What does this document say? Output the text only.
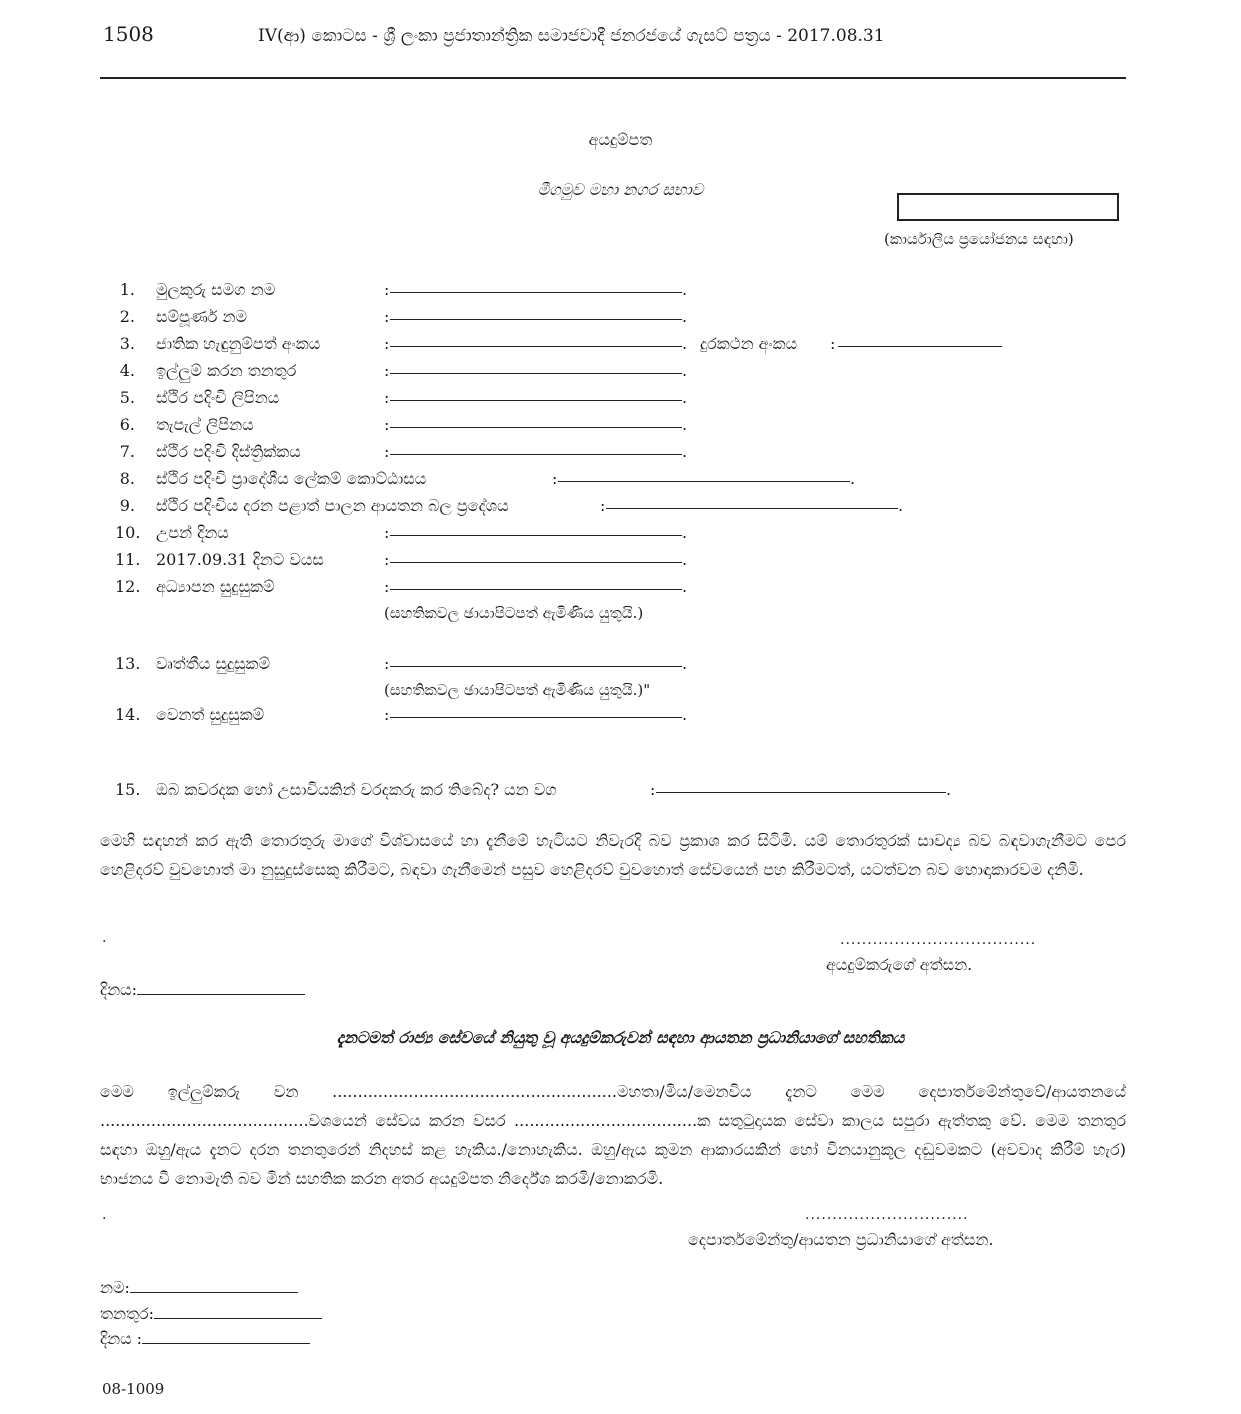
1508	IV(ආ) කොටස - ශ්‍රී ලංකා ප්‍රජාතාන්ත්‍රික සමාජවාදී ජනරජයේ ගැසට් පත්‍රය - 2017.08.31
අයදුම්පත
මීගමුව මහා නගර සභාව
(කාර්යාලීය ප්‍රයෝජනය සඳහා)
1. මුලකුරු සමග නම	:	.
2. සම්පූර්ණ නම	:	.
3. ජාතික හැඳුනුම්පත් අංකය	:	. දුරකථන අංකය :
4. ඉල්ලුම් කරන තනතුර	:	.
5. ස්ථිර පදිංචි ලිපිනය	:	.
6. තැපැල් ලිපිනය	:	.
7. ස්ථිර පදිංචි දිස්ත්‍රික්කය	:	.
8. ස්ථිර පදිංචි ප්‍රාදේශීය ලේකම් කොට්ඨාසය	:	.
9. ස්ථිර පදිංචිය දරන පළාත් පාලන ආයතන බල ප්‍රදේශය	:	.
10. උපන් දිනය	:	.
11. 2017.09.31 දිනට වයස	:	.
12. අධ්‍යාපන සුදුසුකම්	:	.
(සහතිකවල ඡායාපිටපත් ඇමිණිය යුතුයි.)
13. වෘත්තීය සුදුසුකම්	:	.
(සහතිකවල ඡායාපිටපත් ඇමිණිය යුතුයි.)"
14. වෙනත් සුදුසුකම්	:	.
15. ඔබ කවරදක හෝ උසාවියකින් වරදකරු කර තිබේද? යන වග	:	.
මෙහි සඳහන් කර ඇති තොරතුරු මාගේ විශ්වාසයේ හා දැනීමේ හැටියට නිවැරදි බව ප්‍රකාශ කර සිටිමි. යම් තොරතුරක් සාවද්‍ය බව බඳවාගැනීමට පෙර හෙළිදරව් වුවහොත් මා නුසුදුස්සෙකු කිරීමට, බඳවා ගැනීමෙන් පසුව හෙළිදරව් වුවහොත් සේවයෙන් පහ කිරීමටත්, යටත්වන බව හොඳාකාරවම දනිමි.
.	....................................
අයදුම්කරුගේ අත්සන.
දිනය:
දැනටමත් රාජ්‍ය සේවයේ නියුතු වූ අයදුම්කරුවන් සඳහා ආයතන ප්‍රධානියාගේ සහතිකය
මෙම ඉල්ලුම්කරු වන ........................................................මහතා/මිය/මෙනවිය දැනට මෙම දෙපාර්තමේන්තුවේ/ආයතනයේ
.........................................වශයෙන් සේවය කරන වසර ....................................ක සතුටුදායක සේවා කාලය සපුරා ඇත්තකු වේ. මෙම තනතුර සඳහා ඔහු/ඇය දැනට දරන තනතුරෙන් නිදහස් කළ හැකිය./නොහැකිය. ඔහු/ඇය කුමන ආකාරයකින් හෝ විනයානුකූල දඬුවමකට (අවවාද කිරීම් හැර) භාජනය වී නොමැති බව මින් සහතික කරන අතර අයදුම්පත නිර්දේශ කරමි/නොකරමි.
.	..............................
දෙපාර්තමේන්තු/ආයතන ප්‍රධානියාගේ අත්සන.
නම:
තනතුර:
දිනය :
08-1009
